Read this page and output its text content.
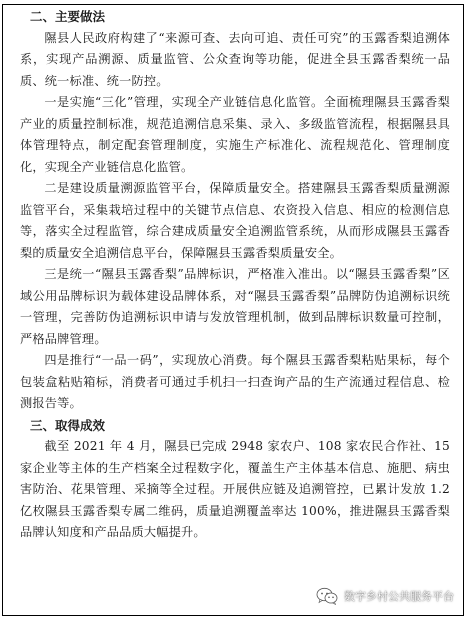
二、主要做法

隰县人民政府构建了“来源可查、去向可追、责任可究”的玉露香梨追溯体系，实现产品溯源、质量监管、公众查询等功能，促进全县玉露香梨统一品质、统一标准、统一防控。

一是实施“三化”管理，实现全产业链信息化监管。全面梳理隰县玉露香梨产业的质量控制标准，规范追溯信息采集、录入、多级监管流程，根据隰县具体管理特点，制定配套管理制度，实施生产标准化、流程规范化、管理制度化，实现全产业链信息化监管。

二是建设质量溯源监管平台，保障质量安全。搭建隰县玉露香梨质量溯源监管平台，采集栽培过程中的关键节点信息、农资投入信息、相应的检测信息等，落实全过程监管，综合建成质量安全追溯监管系统，从而形成隰县玉露香梨的质量安全追溯信息平台，保障隰县玉露香梨质量安全。

三是统一“隰县玉露香梨”品牌标识，严格准入准出。以“隰县玉露香梨”区域公用品牌标识为载体建设品牌体系，对“隰县玉露香梨”品牌防伪追溯标识统一管理，完善防伪追溯标识申请与发放管理机制，做到品牌标识数量可控制，严格品牌管理。

四是推行“一品一码”，实现放心消费。每个隰县玉露香梨粘贴果标，每个包装盒粘贴箱标，消费者可通过手机扫一扫查询产品的生产流通过程信息、检测报告等。

三、取得成效

截至 2021 年 4 月，隰县已完成 2948 家农户、108 家农民合作社、15 家企业等主体的生产档案全过程数字化，覆盖生产主体基本信息、施肥、病虫害防治、花果管理、采摘等全过程。开展供应链及追溯管控，已累计发放 1.2 亿枚隰县玉露香梨专属二维码，质量追溯覆盖率达 100%，推进隰县玉露香梨品牌认知度和产品品质大幅提升。

数字乡村公共服务平台
